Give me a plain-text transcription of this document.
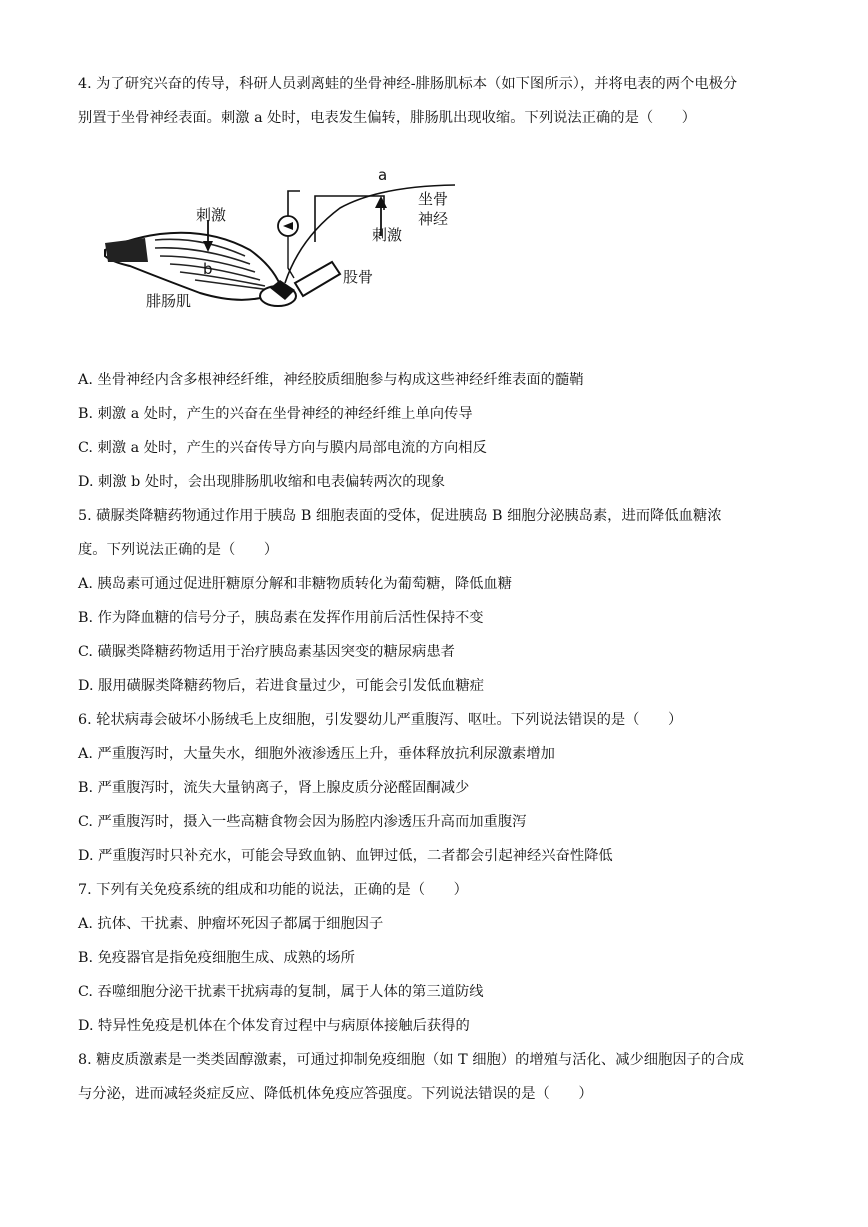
4. 为了研究兴奋的传导，科研人员剥离蛙的坐骨神经-腓肠肌标本（如下图所示），并将电表的两个电极分
别置于坐骨神经表面。刺激 a 处时，电表发生偏转，腓肠肌出现收缩。下列说法正确的是（　　）
a
b
刺激
刺激
坐骨
神经
腓肠肌
股骨
A. 坐骨神经内含多根神经纤维，神经胶质细胞参与构成这些神经纤维表面的髓鞘
B. 刺激 a 处时，产生的兴奋在坐骨神经的神经纤维上单向传导
C. 刺激 a 处时，产生的兴奋传导方向与膜内局部电流的方向相反
D. 刺激 b 处时，会出现腓肠肌收缩和电表偏转两次的现象
5. 磺脲类降糖药物通过作用于胰岛 B 细胞表面的受体，促进胰岛 B 细胞分泌胰岛素，进而降低血糖浓
度。下列说法正确的是（　　）
A. 胰岛素可通过促进肝糖原分解和非糖物质转化为葡萄糖，降低血糖
B. 作为降血糖的信号分子，胰岛素在发挥作用前后活性保持不变
C. 磺脲类降糖药物适用于治疗胰岛素基因突变的糖尿病患者
D. 服用磺脲类降糖药物后，若进食量过少，可能会引发低血糖症
6. 轮状病毒会破坏小肠绒毛上皮细胞，引发婴幼儿严重腹泻、呕吐。下列说法错误的是（　　）
A. 严重腹泻时，大量失水，细胞外液渗透压上升，垂体释放抗利尿激素增加
B. 严重腹泻时，流失大量钠离子，肾上腺皮质分泌醛固酮减少
C. 严重腹泻时，摄入一些高糖食物会因为肠腔内渗透压升高而加重腹泻
D. 严重腹泻时只补充水，可能会导致血钠、血钾过低，二者都会引起神经兴奋性降低
7. 下列有关免疫系统的组成和功能的说法，正确的是（　　）
A. 抗体、干扰素、肿瘤坏死因子都属于细胞因子
B. 免疫器官是指免疫细胞生成、成熟的场所
C. 吞噬细胞分泌干扰素干扰病毒的复制，属于人体的第三道防线
D. 特异性免疫是机体在个体发育过程中与病原体接触后获得的
8. 糖皮质激素是一类类固醇激素，可通过抑制免疫细胞（如 T 细胞）的增殖与活化、减少细胞因子的合成
与分泌，进而减轻炎症反应、降低机体免疫应答强度。下列说法错误的是（　　）
